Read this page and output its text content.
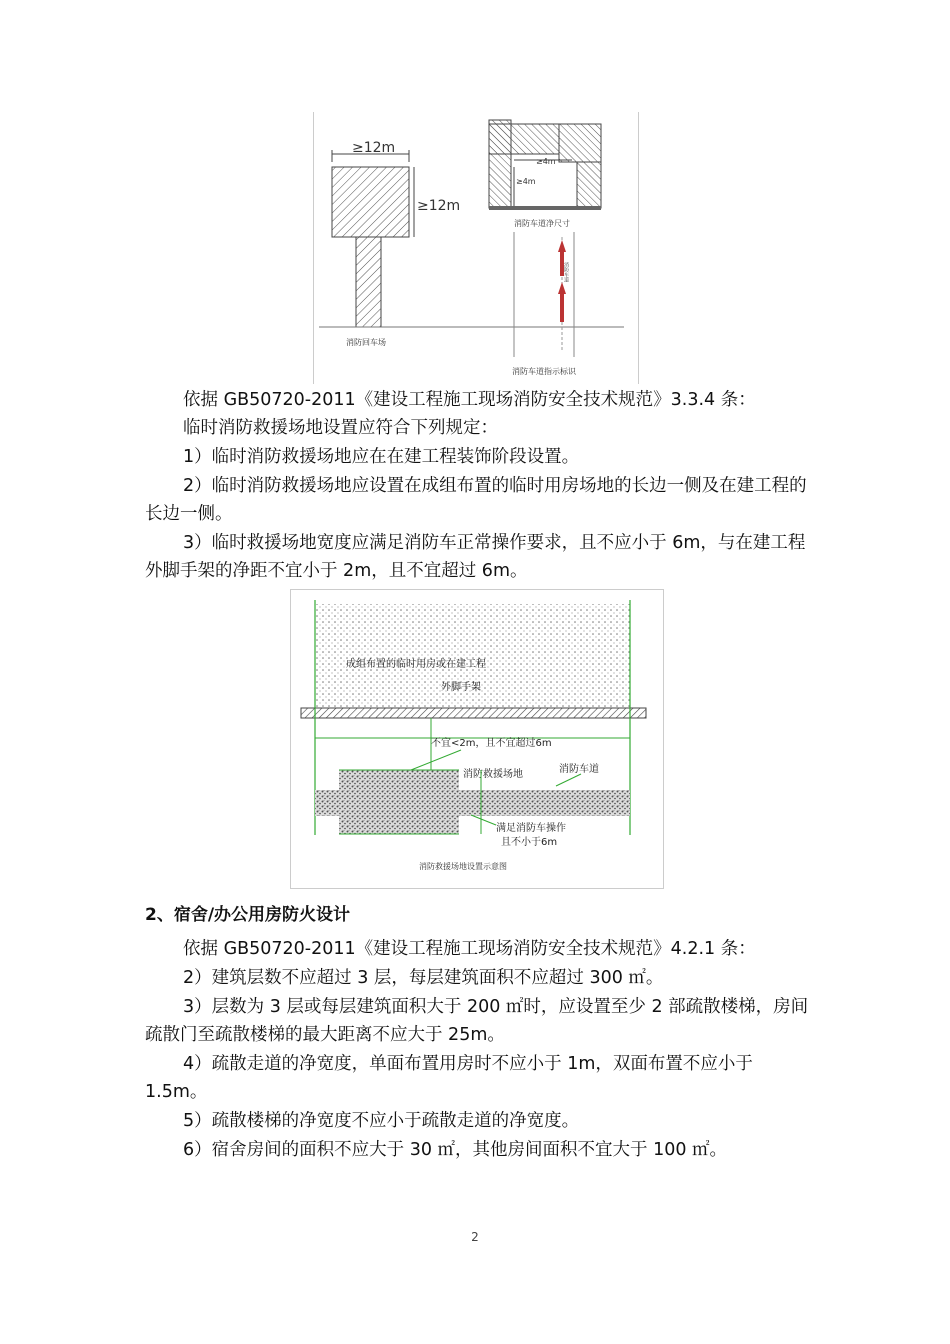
≥12m
≥12m
消防回车场
≥4m
≥4m
消防车道净尺寸
消防车道
消防车道指示标识
依据 GB50720-2011《建设工程施工现场消防安全技术规范》3.3.4 条：
临时消防救援场地设置应符合下列规定：
1）临时消防救援场地应在在建工程装饰阶段设置。
2）临时消防救援场地应设置在成组布置的临时用房场地的长边一侧及在建工程的长边一侧。
3）临时救援场地宽度应满足消防车正常操作要求，且不应小于 6m，与在建工程外脚手架的净距不宜小于 2m，且不宜超过 6m。
成组布置的临时用房或在建工程
外脚手架
不宜<2m，且不宜超过6m
消防救援场地	消防车道
满足消防车操作
且不小于6m
消防救援场地设置示意图
2、宿舍/办公用房防火设计
依据 GB50720-2011《建设工程施工现场消防安全技术规范》4.2.1 条：
2）建筑层数不应超过 3 层，每层建筑面积不应超过 300 ㎡。
3）层数为 3 层或每层建筑面积大于 200 ㎡时，应设置至少 2 部疏散楼梯，房间疏散门至疏散楼梯的最大距离不应大于 25m。
4）疏散走道的净宽度，单面布置用房时不应小于 1m，双面布置不应小于 1.5m。
5）疏散楼梯的净宽度不应小于疏散走道的净宽度。
6）宿舍房间的面积不应大于 30 ㎡，其他房间面积不宜大于 100 ㎡。
2
